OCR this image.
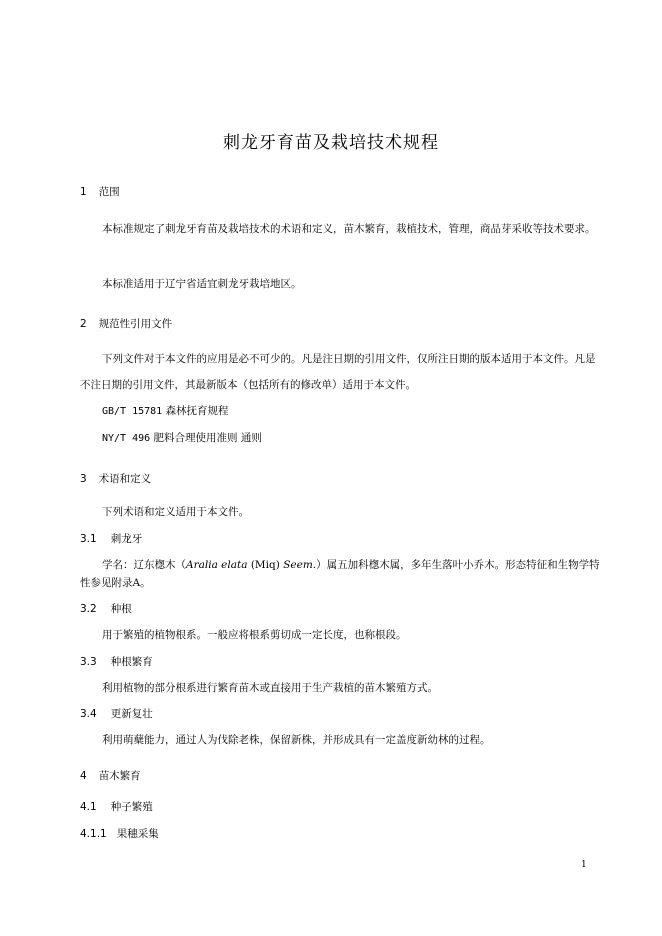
刺龙牙育苗及栽培技术规程
1 范围
本标准规定了刺龙牙育苗及栽培技术的术语和定义，苗木繁育，栽植技术，管理，商品芽采收等技术要求。
本标准适用于辽宁省适宜刺龙牙栽培地区。
2 规范性引用文件
下列文件对于本文件的应用是必不可少的。凡是注日期的引用文件，仅所注日期的版本适用于本文件。凡是不注日期的引用文件，其最新版本（包括所有的修改单）适用于本文件。
GB/T 15781 森林抚育规程
NY/T 496 肥料合理使用准则 通则
3 术语和定义
下列术语和定义适用于本文件。
3.1 刺龙牙
学名：辽东楤木（Aralia elata (Miq) Seem.）属五加科楤木属，多年生落叶小乔木。形态特征和生物学特性参见附录A。
3.2 种根
用于繁殖的植物根系。一般应将根系剪切成一定长度，也称根段。
3.3 种根繁育
利用植物的部分根系进行繁育苗木或直接用于生产栽植的苗木繁殖方式。
3.4 更新复壮
利用萌蘖能力，通过人为伐除老株，保留新株，并形成具有一定盖度新幼林的过程。
4 苗木繁育
4.1 种子繁殖
4.1.1 果穗采集
1
